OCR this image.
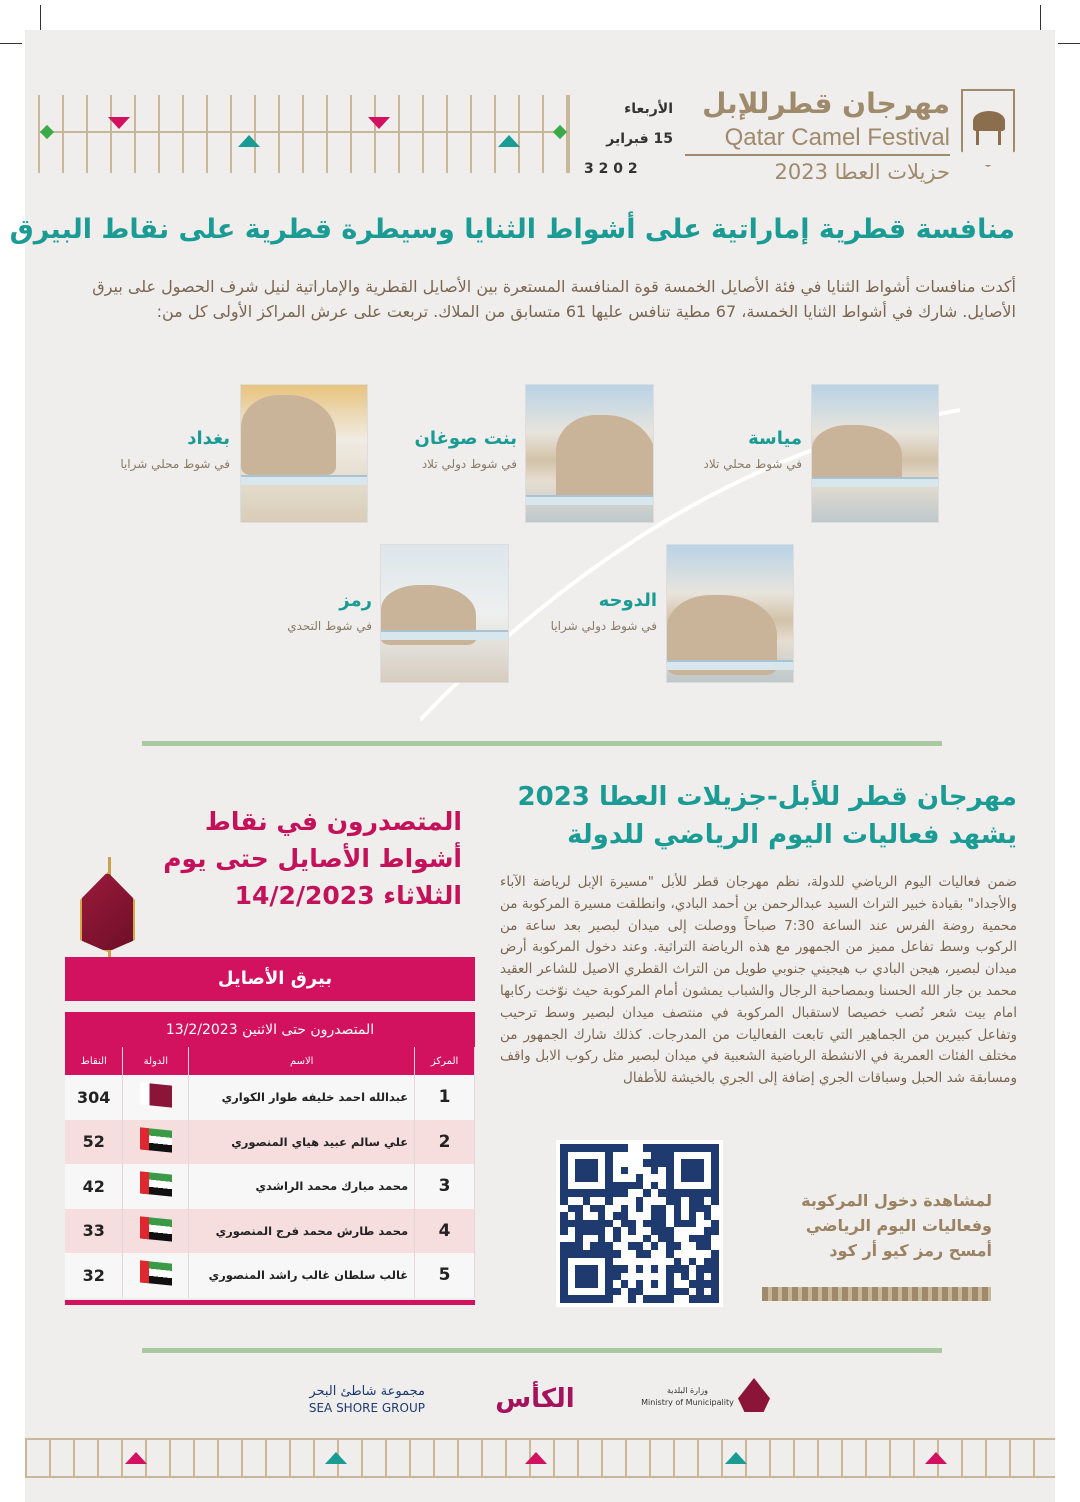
الأربعاء
15 فبراير
2 0 2 3
مهرجان قطرللإبل
Qatar Camel Festival
حزيلات العطا 2023
منافسة قطرية إماراتية على أشواط الثنايا وسيطرة قطرية على نقاط البيرق
أكدت منافسات أشواط الثنايا في فئة الأصايل الخمسة قوة المنافسة المستعرة بين الأصايل القطرية والإماراتية لنيل شرف الحصول على بيرق الأصايل. شارك في أشواط الثنايا الخمسة، 67 مطية تنافس عليها 61 متسابق من الملاك. تربعت على عرش المراكز الأولى كل من:
مياسة
في شوط محلي تلاد
بنت صوغان
في شوط دولي تلاد
بغداد
في شوط محلي شرايا
الدوحه
في شوط دولي شرايا
رمز
في شوط التحدي
مهرجان قطر للأبل-جزيلات العطا 2023
يشهد فعاليات اليوم الرياضي للدولة
ضمن فعاليات اليوم الرياضي للدولة، نظم مهرجان قطر للأبل "مسيرة الإبل لرياضة الآباء والأجداد" بقيادة خبير التراث السيد عبدالرحمن بن أحمد البادي، وانطلقت مسيرة المركوبة من محمية روضة الفرس عند الساعة 7:30 صباحاً ووصلت إلى ميدان لبصير بعد ساعة من الركوب وسط تفاعل مميز من الجمهور مع هذه الرياضة التراثية. وعند دخول المركوبة أرض ميدان لبصير، هيجن البادي ب هيجيني جنوبي طويل من التراث القطري الاصيل للشاعر العقيد محمد بن جار الله الحسنا وبمصاحبة الرجال والشباب يمشون أمام المركوبة حيث نوّخت ركابها امام بيت شعر نُصب خصيصا لاستقبال المركوبة في منتصف ميدان لبصير وسط ترحيب وتفاعل كبيرين من الجماهير التي تابعت الفعاليات من المدرجات. كذلك شارك الجمهور من مختلف الفئات العمرية في الانشطة الرياضية الشعبية في ميدان لبصير مثل ركوب الابل واقف ومسابقة شد الحبل وسباقات الجري إضافة إلى الجري بالخيشة للأطفال
لمشاهدة دخول المركوبة
وفعاليات اليوم الرياضي
أمسح رمز كيو أر كود
المتصدرون في نقاط
أشواط الأصايل حتى يوم
الثلاثاء 14/2/2023
بيرق الأصايل
المتصدرون حتى الاثنين 13/2/2023
المركز	الاسم	الدولة	النقاط
1	عبدالله احمد خليفه طوار الكواري		304
2	علي سالم عبيد هياي المنصوري		52
3	محمد مبارك محمد الراشدي		42
4	محمد طارش محمد فرج المنصوري		33
5	غالب سلطان غالب راشد المنصوري		32
مجموعة شاطئ البحر
SEA SHORE GROUP	الكأس	وزارة البلدية
Ministry of Municipality
